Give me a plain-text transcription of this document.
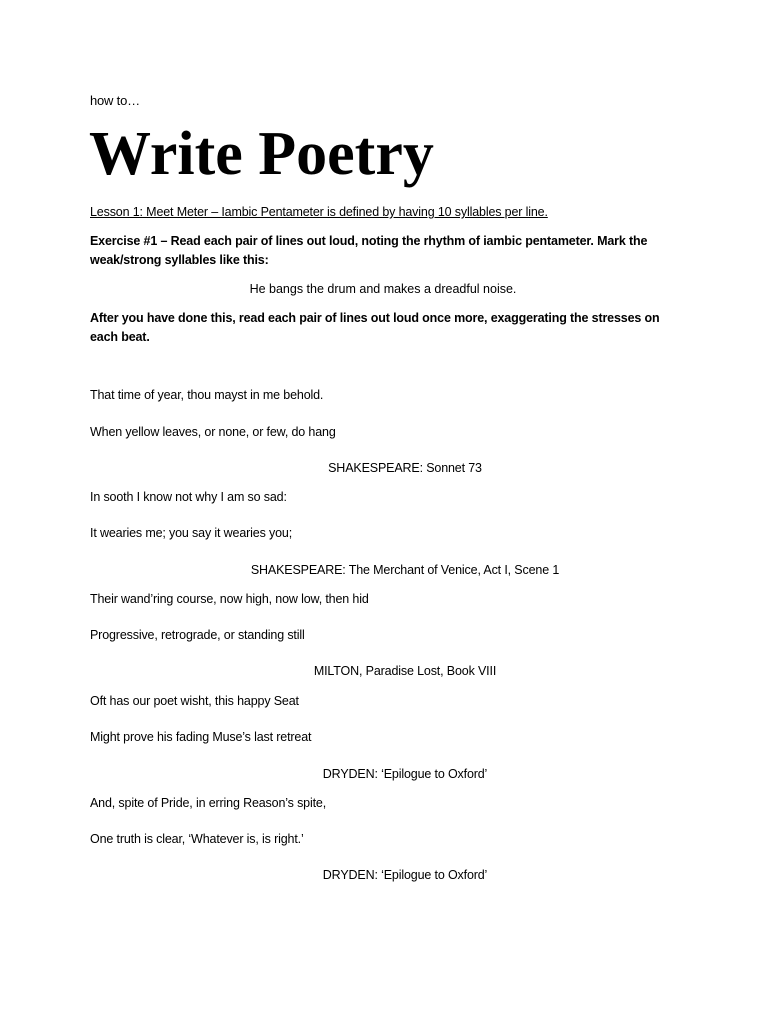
how to…
Write Poetry
Lesson 1: Meet Meter – Iambic Pentameter is defined by having 10 syllables per line.
Exercise #1 – Read each pair of lines out loud, noting the rhythm of iambic pentameter. Mark the weak/strong syllables like this:
He bangs the drum and makes a dreadful noise.
After you have done this, read each pair of lines out loud once more, exaggerating the stresses on each beat.
That time of year, thou mayst in me behold.
When yellow leaves, or none, or few, do hang
SHAKESPEARE: Sonnet 73
In sooth I know not why I am so sad:
It wearies me; you say it wearies you;
SHAKESPEARE: The Merchant of Venice, Act I, Scene 1
Their wand’ring course, now high, now low, then hid
Progressive, retrograde, or standing still
MILTON, Paradise Lost, Book VIII
Oft has our poet wisht, this happy Seat
Might prove his fading Muse’s last retreat
DRYDEN: ‘Epilogue to Oxford’
And, spite of Pride, in erring Reason’s spite,
One truth is clear, ‘Whatever is, is right.’
DRYDEN: ‘Epilogue to Oxford’
